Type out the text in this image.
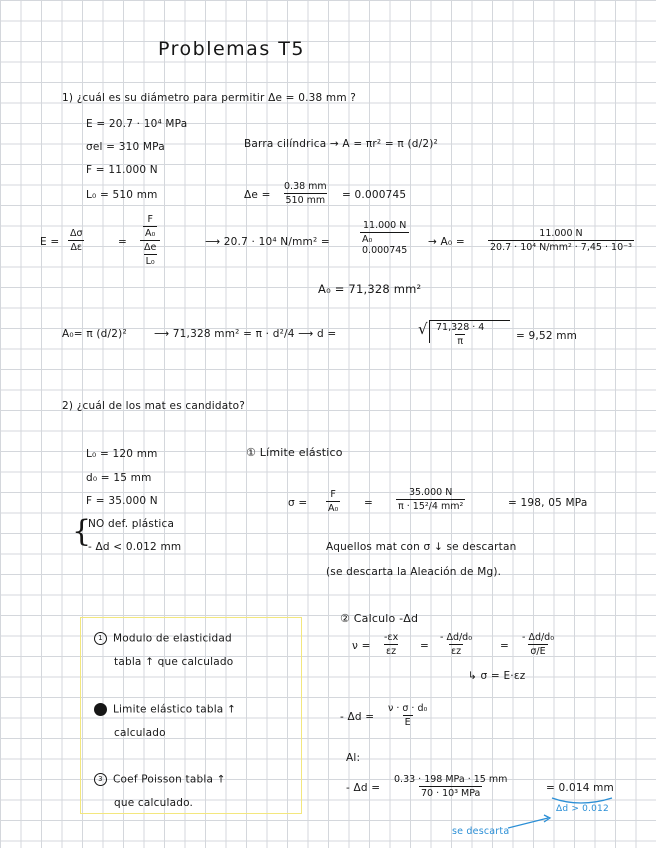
Problemas T5
1) ¿cuál es su diámetro para permitir Δe = 0.38 mm ?
E = 20.7 · 10⁴ MPa
σel = 310 MPa
F = 11.000 N
L₀ = 510 mm
Barra cilíndrica → A = πr² = π (d/2)²
$\Delta e = \frac{0.38 mm}{510 mm} = 0.000745$
$E = \frac{\Delta\sigma}{\Delta\varepsilon}$	= $\frac{\frac{F}{\text{A₀}}}{\frac{\Delta e}{\text{L₀}}}$	⟶ 20.7 · 10⁴ N/mm² =
11.000 N
A₀
0.000745
→ $A_0 = \frac{11.000 N}{\text{20.7 · 10⁴ N/mm² · 7,45 · 10⁻³}}$
A₀ = 71,328 mm²
A₀= π (d/2)²	⟶ 71,328 mm² = π · d²/4 ⟶ d =	√ $\frac{71,328 \cdot 4}{\pi}$	= 9,52 mm
2) ¿cuál de los mat es candidato?
L₀ = 120 mm
d₀ = 15 mm
F = 35.000 N
{
NO def. plástica
- Δd < 0.012 mm
① Límite elástico
$\sigma = \frac{F}{\text{A₀}} = \frac{35.000 N}{\text{π · 15²/4 mm²}}$	= 198, 05 MPa
Aquellos mat con σ ↓ se descartan
(se descarta la Aleación de Mg).
② Calculo -Δd
$\nu = \frac{-\varepsilon x}{\varepsilon z} = \frac{\text{- Δd/d₀}}{\varepsilon z} = \frac{\text{- Δd/d₀}}{\sigma/E}$
↳ σ = E·εz
- $\Delta d = \frac{\text{ν · σ · d₀}}{E}$
Al:
- Δd =
0.33 · 198 MPa · 15 mm
70 · 10³ MPa	= 0.014 mm
Δd > 0.012
se descarta
1 Modulo de elasticidad
tabla ↑ que calculado
Limite elástico tabla ↑
calculado
3 Coef Poisson tabla ↑
que calculado.
